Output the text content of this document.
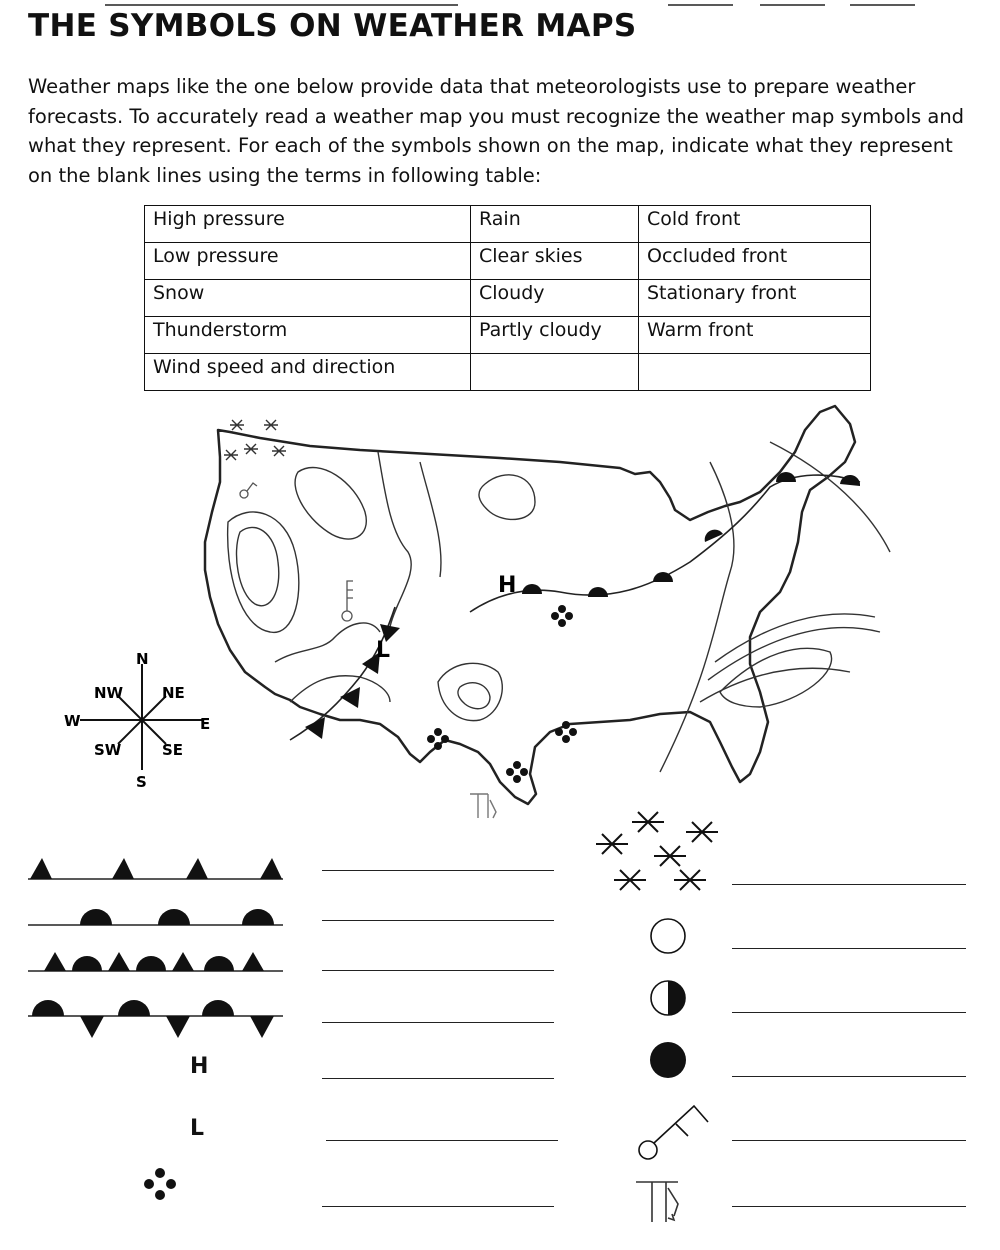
THE SYMBOLS ON WEATHER MAPS

Weather maps like the one below provide data that meteorologists use to prepare weather forecasts. To accurately read a weather map you must recognize the weather map symbols and what they represent. For each of the symbols shown on the map, indicate what they represent on the blank lines using the terms in following table:

High pressure	Rain	Cold front
Low pressure	Clear skies	Occluded front
Snow	Cloudy	Stationary front
Thunderstorm	Partly cloudy	Warm front
Wind speed and direction		
L
H
N
S
W	E
NW	NE
SW	SE
H
L
